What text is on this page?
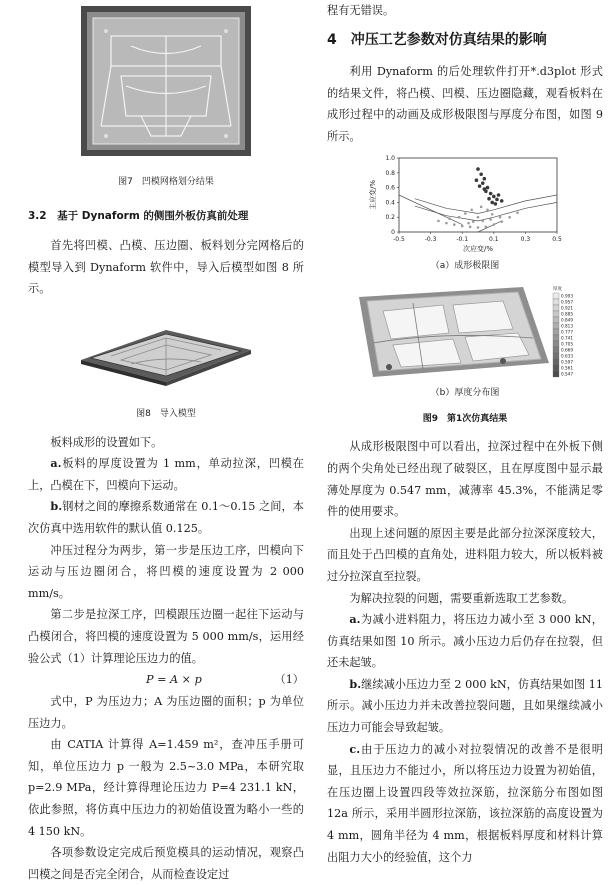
图7　凹模网格划分结果

3.2　基于 Dynaform 的侧围外板仿真前处理

首先将凹模、凸模、压边圈、板料划分完网格后的模型导入到 Dynaform 软件中，导入后模型如图 8 所示。

图8　导入模型

板料成形的设置如下。

a.板料的厚度设置为 1 mm，单动拉深，凹模在上，凸模在下，凹模向下运动。

b.钢材之间的摩擦系数通常在 0.1～0.15 之间，本次仿真中选用软件的默认值 0.125。

冲压过程分为两步，第一步是压边工序，凹模向下运动与压边圈闭合，将凹模的速度设置为 2 000 mm/s。

第二步是拉深工序，凹模跟压边圈一起往下运动与凸模闭合，将凹模的速度设置为 5 000 mm/s，运用经验公式（1）计算理论压边力的值。

P = A × p	（1）

式中，P 为压边力；A 为压边圈的面积；p 为单位压边力。

由 CATIA 计算得 A=1.459 m²，查冲压手册可知，单位压边力 p 一般为 2.5~3.0 MPa，本研究取 p=2.9 MPa，经计算得理论压边力 P=4 231.1 kN，依此参照，将仿真中压边力的初始值设置为略小一些的 4 150 kN。

各项参数设定完成后预览模具的运动情况，观察凸凹模之间是否完全闭合，从而检查设定过

程有无错误。

4　冲压工艺参数对仿真结果的影响

利用 Dynaform 的后处理软件打开*.d3plot 形式的结果文件，将凸模、凹模、压边圈隐藏，观看板料在成形过程中的动画及成形极限图与厚度分布图，如图 9 所示。

-0.5	-0.3	-0.1	0.1	0.3	0.5
0
0.2
0.4
0.6
0.8
1.0
次应变/%
主应变/%

（a）成形极限图

厚度
0.993
0.957
0.921
0.885
0.849
0.813
0.777
0.741
0.705
0.669
0.633
0.597
0.561
0.547

（b）厚度分布图

图9　第1次仿真结果

从成形极限图中可以看出，拉深过程中在外板下侧的两个尖角处已经出现了破裂区，且在厚度图中显示最薄处厚度为 0.547 mm，减薄率 45.3%，不能满足零件的使用要求。

出现上述问题的原因主要是此部分拉深深度较大，而且处于凸凹模的直角处，进料阻力较大，所以板料被过分拉深直至拉裂。

为解决拉裂的问题，需要重新选取工艺参数。

a.为减小进料阻力，将压边力减小至 3 000 kN，仿真结果如图 10 所示。减小压边力后仍存在拉裂，但还未起皱。

b.继续减小压边力至 2 000 kN，仿真结果如图 11 所示。减小压边力并未改善拉裂问题，且如果继续减小压边力可能会导致起皱。

c.由于压边力的减小对拉裂情况的改善不是很明显，且压边力不能过小，所以将压边力设置为初始值，在压边圈上设置四段等效拉深筋，拉深筋分布图如图 12a 所示，采用半圆形拉深筋，该拉深筋的高度设置为 4 mm，圆角半径为 4 mm，根据板料厚度和材料计算出阻力大小的经验值，这个力
